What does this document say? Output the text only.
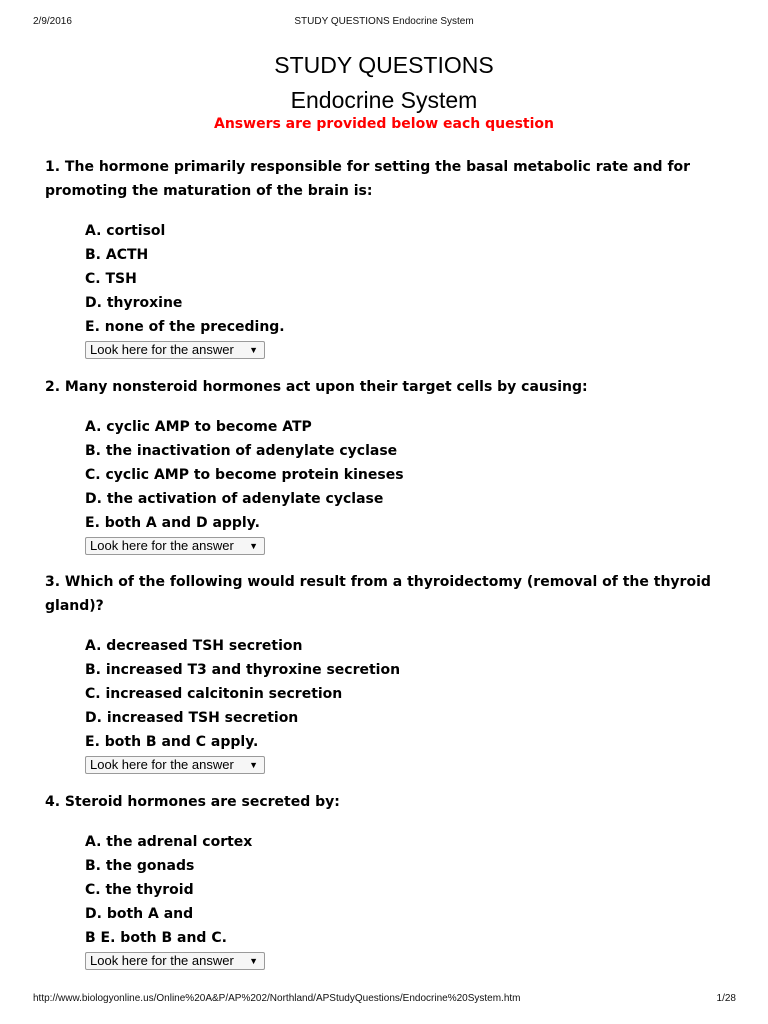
2/9/2016	STUDY QUESTIONS Endocrine System
STUDY QUESTIONS
Endocrine System
Answers are provided below each question

1. The hormone primarily responsible for setting the basal metabolic rate and for promoting the maturation of the brain is:

A. cortisol
B. ACTH
C. TSH
D. thyroxine
E. none of the preceding.
Look here for the answer ▼

2. Many nonsteroid hormones act upon their target cells by causing:

A. cyclic AMP to become ATP
B. the inactivation of adenylate cyclase
C. cyclic AMP to become protein kineses
D. the activation of adenylate cyclase
E. both A and D apply.
Look here for the answer ▼

3. Which of the following would result from a thyroidectomy (removal of the thyroid gland)?

A. decreased TSH secretion
B. increased T3 and thyroxine secretion
C. increased calcitonin secretion
D. increased TSH secretion
E. both B and C apply.
Look here for the answer ▼

4. Steroid hormones are secreted by:

A. the adrenal cortex
B. the gonads
C. the thyroid
D. both A and
B E. both B and C.
Look here for the answer ▼
http://www.biologyonline.us/Online%20A&P/AP%202/Northland/APStudyQuestions/Endocrine%20System.htm	1/28
